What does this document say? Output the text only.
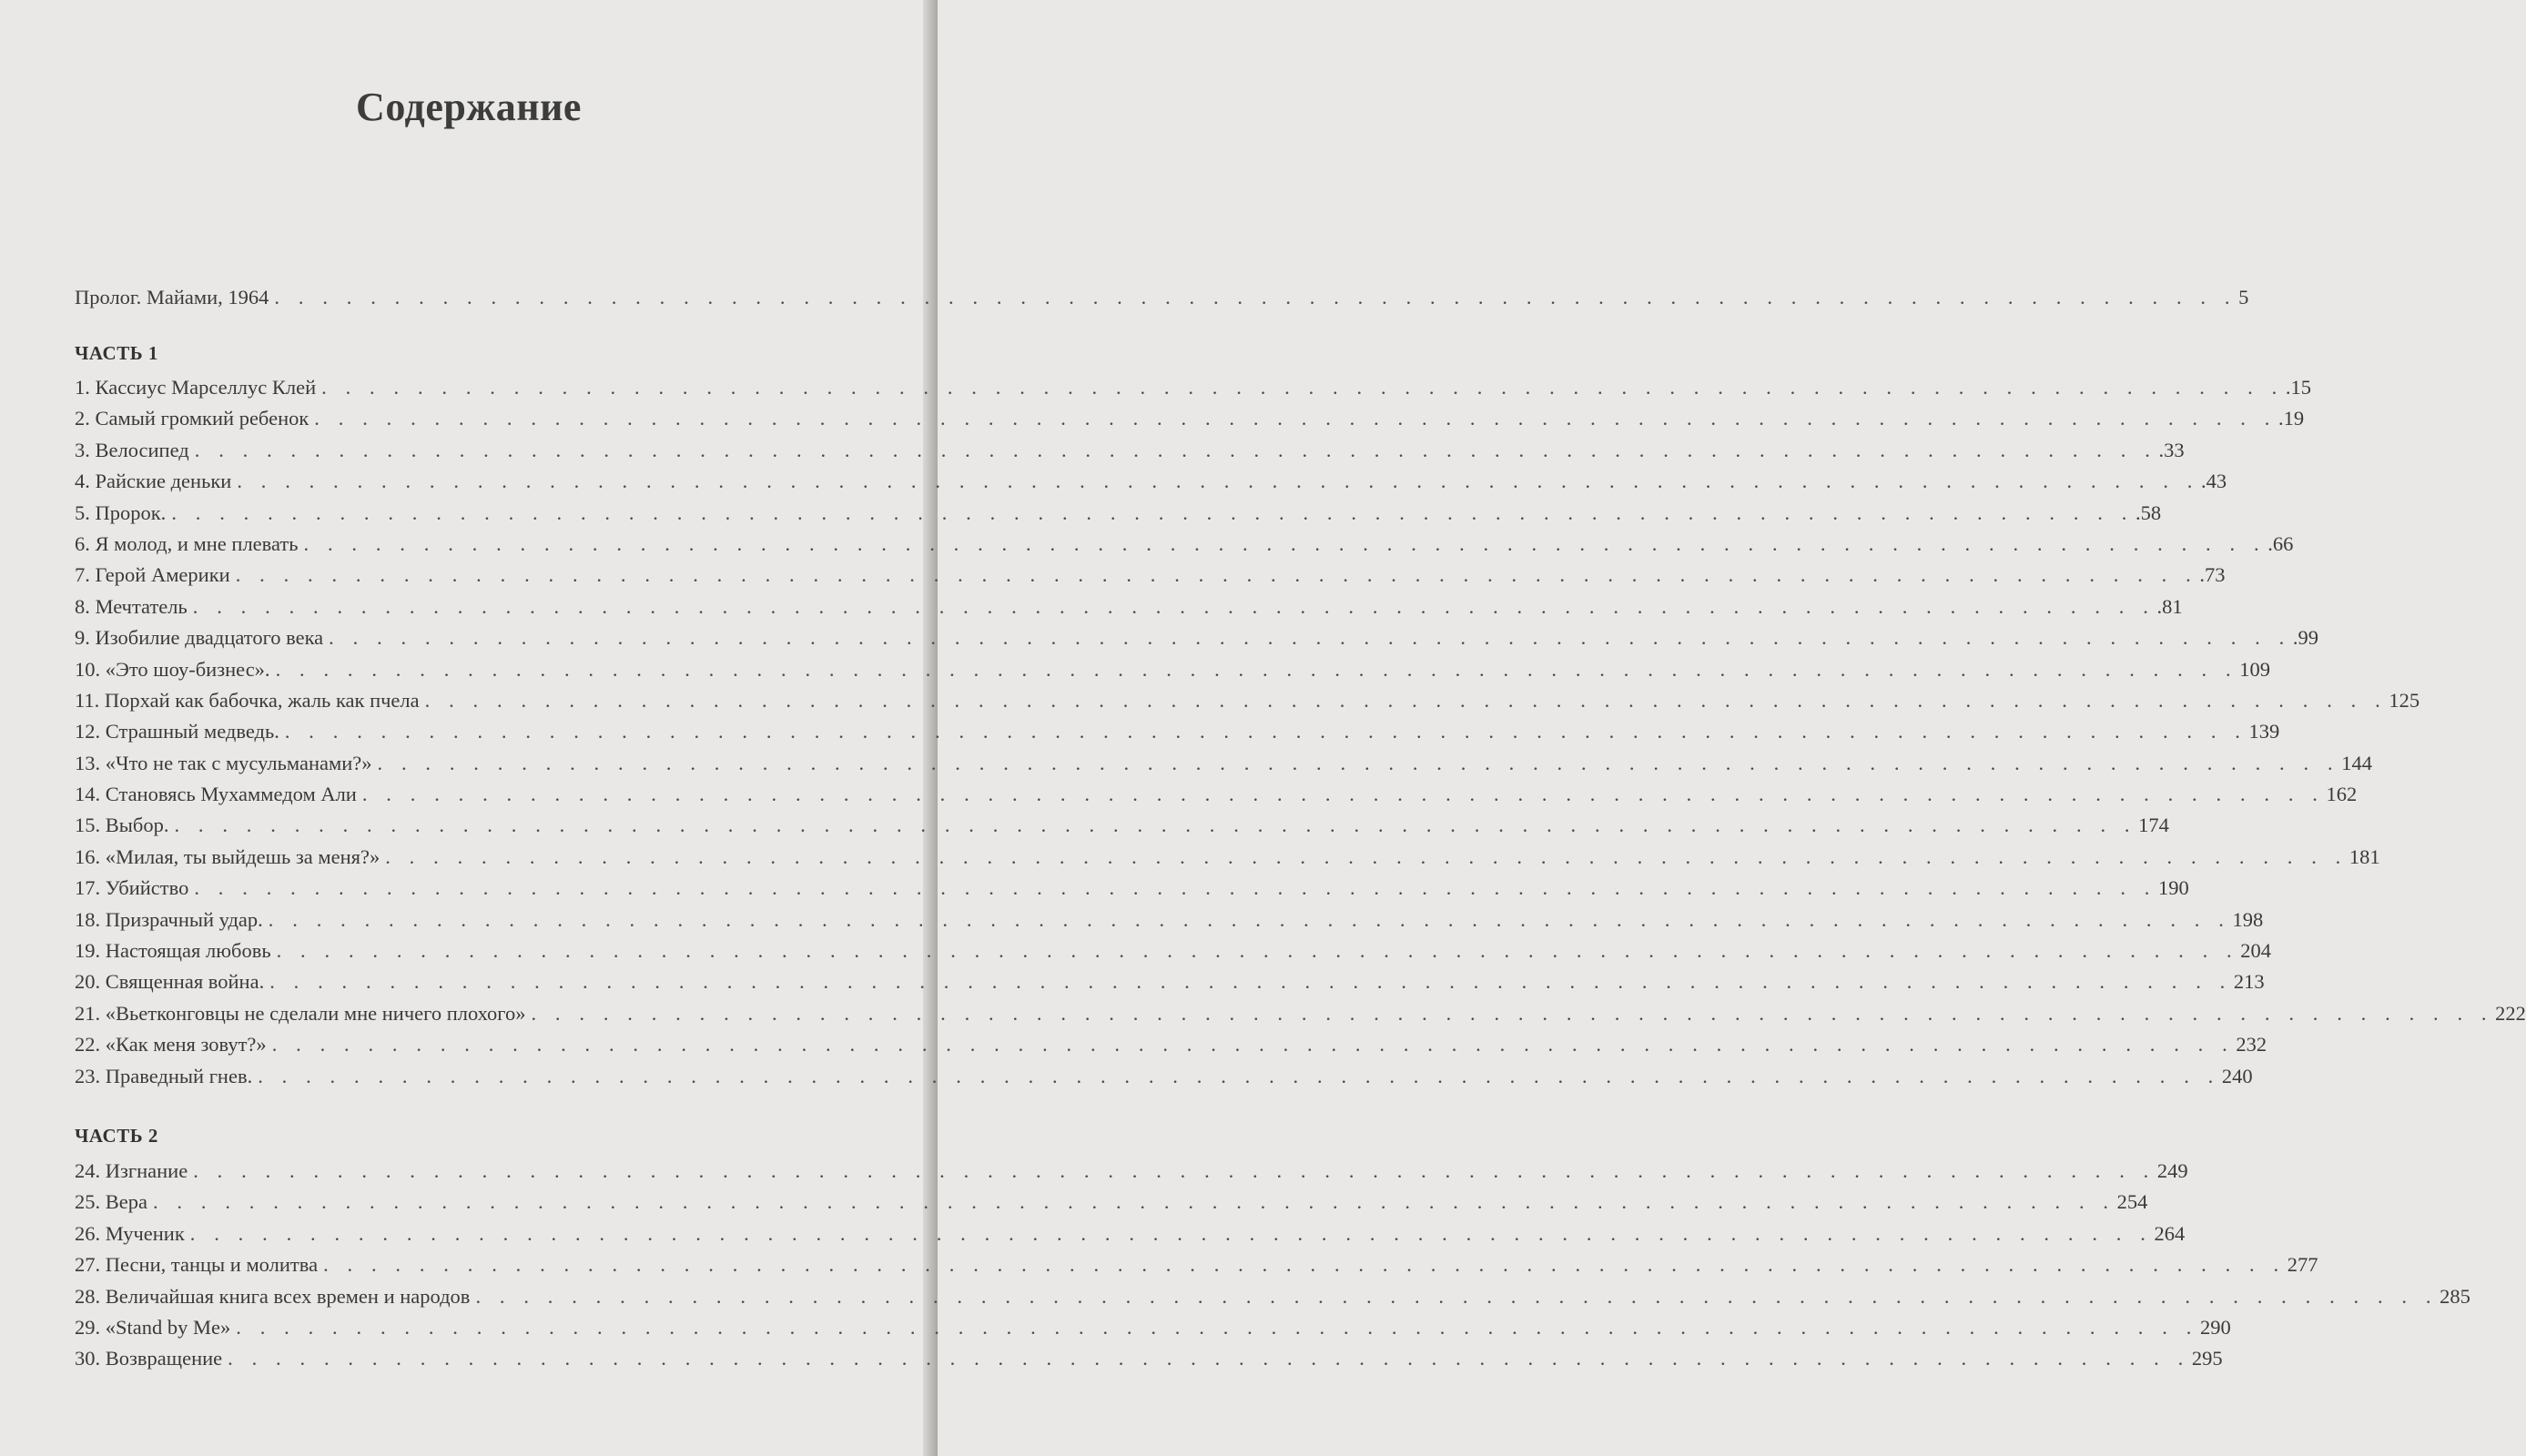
Содержание
Пролог. Майами, 1964 . . . . . . . . . . . . . . . . . . . . . . . . . . . . . . . . . . . . . . . . . . . . . . . . . . . . . . . . . . . . . . . . . . . . . . . . . . . . . . . . . . 5
ЧАСТЬ 1
1. Кассиус Марселлус Клей . . . . . . . . . . . . . . . . . . . . . . . . . . . . . . . . . . . . . . . . . . . . . . . . . . . . . . . . . . . . . . . . . . . . . . . . . . . . . . . . . . .15
2. Самый громкий ребенок . . . . . . . . . . . . . . . . . . . . . . . . . . . . . . . . . . . . . . . . . . . . . . . . . . . . . . . . . . . . . . . . . . . . . . . . . . . . . . . . . . .19
3. Велосипед . . . . . . . . . . . . . . . . . . . . . . . . . . . . . . . . . . . . . . . . . . . . . . . . . . . . . . . . . . . . . . . . . . . . . . . . . . . . . . . . . . .33
4. Райские деньки . . . . . . . . . . . . . . . . . . . . . . . . . . . . . . . . . . . . . . . . . . . . . . . . . . . . . . . . . . . . . . . . . . . . . . . . . . . . . . . . . . .43
5. Пророк. . . . . . . . . . . . . . . . . . . . . . . . . . . . . . . . . . . . . . . . . . . . . . . . . . . . . . . . . . . . . . . . . . . . . . . . . . . . . . . . . . . .58
6. Я молод, и мне плевать . . . . . . . . . . . . . . . . . . . . . . . . . . . . . . . . . . . . . . . . . . . . . . . . . . . . . . . . . . . . . . . . . . . . . . . . . . . . . . . . . . .66
7. Герой Америки . . . . . . . . . . . . . . . . . . . . . . . . . . . . . . . . . . . . . . . . . . . . . . . . . . . . . . . . . . . . . . . . . . . . . . . . . . . . . . . . . . .73
8. Мечтатель . . . . . . . . . . . . . . . . . . . . . . . . . . . . . . . . . . . . . . . . . . . . . . . . . . . . . . . . . . . . . . . . . . . . . . . . . . . . . . . . . . .81
9. Изобилие двадцатого века . . . . . . . . . . . . . . . . . . . . . . . . . . . . . . . . . . . . . . . . . . . . . . . . . . . . . . . . . . . . . . . . . . . . . . . . . . . . . . . . . . .99
10. «Это шоу-бизнес». . . . . . . . . . . . . . . . . . . . . . . . . . . . . . . . . . . . . . . . . . . . . . . . . . . . . . . . . . . . . . . . . . . . . . . . . . . . . . . . . . . 109
11. Порхай как бабочка, жаль как пчела . . . . . . . . . . . . . . . . . . . . . . . . . . . . . . . . . . . . . . . . . . . . . . . . . . . . . . . . . . . . . . . . . . . . . . . . . . . . . . . . . . 125
12. Страшный медведь. . . . . . . . . . . . . . . . . . . . . . . . . . . . . . . . . . . . . . . . . . . . . . . . . . . . . . . . . . . . . . . . . . . . . . . . . . . . . . . . . . . 139
13. «Что не так с мусульманами?» . . . . . . . . . . . . . . . . . . . . . . . . . . . . . . . . . . . . . . . . . . . . . . . . . . . . . . . . . . . . . . . . . . . . . . . . . . . . . . . . . . 144
14. Становясь Мухаммедом Али . . . . . . . . . . . . . . . . . . . . . . . . . . . . . . . . . . . . . . . . . . . . . . . . . . . . . . . . . . . . . . . . . . . . . . . . . . . . . . . . . . 162
15. Выбор. . . . . . . . . . . . . . . . . . . . . . . . . . . . . . . . . . . . . . . . . . . . . . . . . . . . . . . . . . . . . . . . . . . . . . . . . . . . . . . . . . . 174
16. «Милая, ты выйдешь за меня?» . . . . . . . . . . . . . . . . . . . . . . . . . . . . . . . . . . . . . . . . . . . . . . . . . . . . . . . . . . . . . . . . . . . . . . . . . . . . . . . . . . 181
17. Убийство . . . . . . . . . . . . . . . . . . . . . . . . . . . . . . . . . . . . . . . . . . . . . . . . . . . . . . . . . . . . . . . . . . . . . . . . . . . . . . . . . . 190
18. Призрачный удар. . . . . . . . . . . . . . . . . . . . . . . . . . . . . . . . . . . . . . . . . . . . . . . . . . . . . . . . . . . . . . . . . . . . . . . . . . . . . . . . . . . 198
19. Настоящая любовь . . . . . . . . . . . . . . . . . . . . . . . . . . . . . . . . . . . . . . . . . . . . . . . . . . . . . . . . . . . . . . . . . . . . . . . . . . . . . . . . . . 204
20. Священная война. . . . . . . . . . . . . . . . . . . . . . . . . . . . . . . . . . . . . . . . . . . . . . . . . . . . . . . . . . . . . . . . . . . . . . . . . . . . . . . . . . . 213
21. «Вьетконговцы не сделали мне ничего плохого» . . . . . . . . . . . . . . . . . . . . . . . . . . . . . . . . . . . . . . . . . . . . . . . . . . . . . . . . . . . . . . . . . . . . . . . . . . . . . . . . . . 222
22. «Как меня зовут?» . . . . . . . . . . . . . . . . . . . . . . . . . . . . . . . . . . . . . . . . . . . . . . . . . . . . . . . . . . . . . . . . . . . . . . . . . . . . . . . . . . 232
23. Праведный гнев. . . . . . . . . . . . . . . . . . . . . . . . . . . . . . . . . . . . . . . . . . . . . . . . . . . . . . . . . . . . . . . . . . . . . . . . . . . . . . . . . . . 240
ЧАСТЬ 2
24. Изгнание . . . . . . . . . . . . . . . . . . . . . . . . . . . . . . . . . . . . . . . . . . . . . . . . . . . . . . . . . . . . . . . . . . . . . . . . . . . . . . . . . . 249
25. Вера . . . . . . . . . . . . . . . . . . . . . . . . . . . . . . . . . . . . . . . . . . . . . . . . . . . . . . . . . . . . . . . . . . . . . . . . . . . . . . . . . . 254
26. Мученик . . . . . . . . . . . . . . . . . . . . . . . . . . . . . . . . . . . . . . . . . . . . . . . . . . . . . . . . . . . . . . . . . . . . . . . . . . . . . . . . . . 264
27. Песни, танцы и молитва . . . . . . . . . . . . . . . . . . . . . . . . . . . . . . . . . . . . . . . . . . . . . . . . . . . . . . . . . . . . . . . . . . . . . . . . . . . . . . . . . . 277
28. Величайшая книга всех времен и народов . . . . . . . . . . . . . . . . . . . . . . . . . . . . . . . . . . . . . . . . . . . . . . . . . . . . . . . . . . . . . . . . . . . . . . . . . . . . . . . . . . 285
29. «Stand by Me» . . . . . . . . . . . . . . . . . . . . . . . . . . . . . . . . . . . . . . . . . . . . . . . . . . . . . . . . . . . . . . . . . . . . . . . . . . . . . . . . . . 290
30. Возвращение . . . . . . . . . . . . . . . . . . . . . . . . . . . . . . . . . . . . . . . . . . . . . . . . . . . . . . . . . . . . . . . . . . . . . . . . . . . . . . . . . . 295
